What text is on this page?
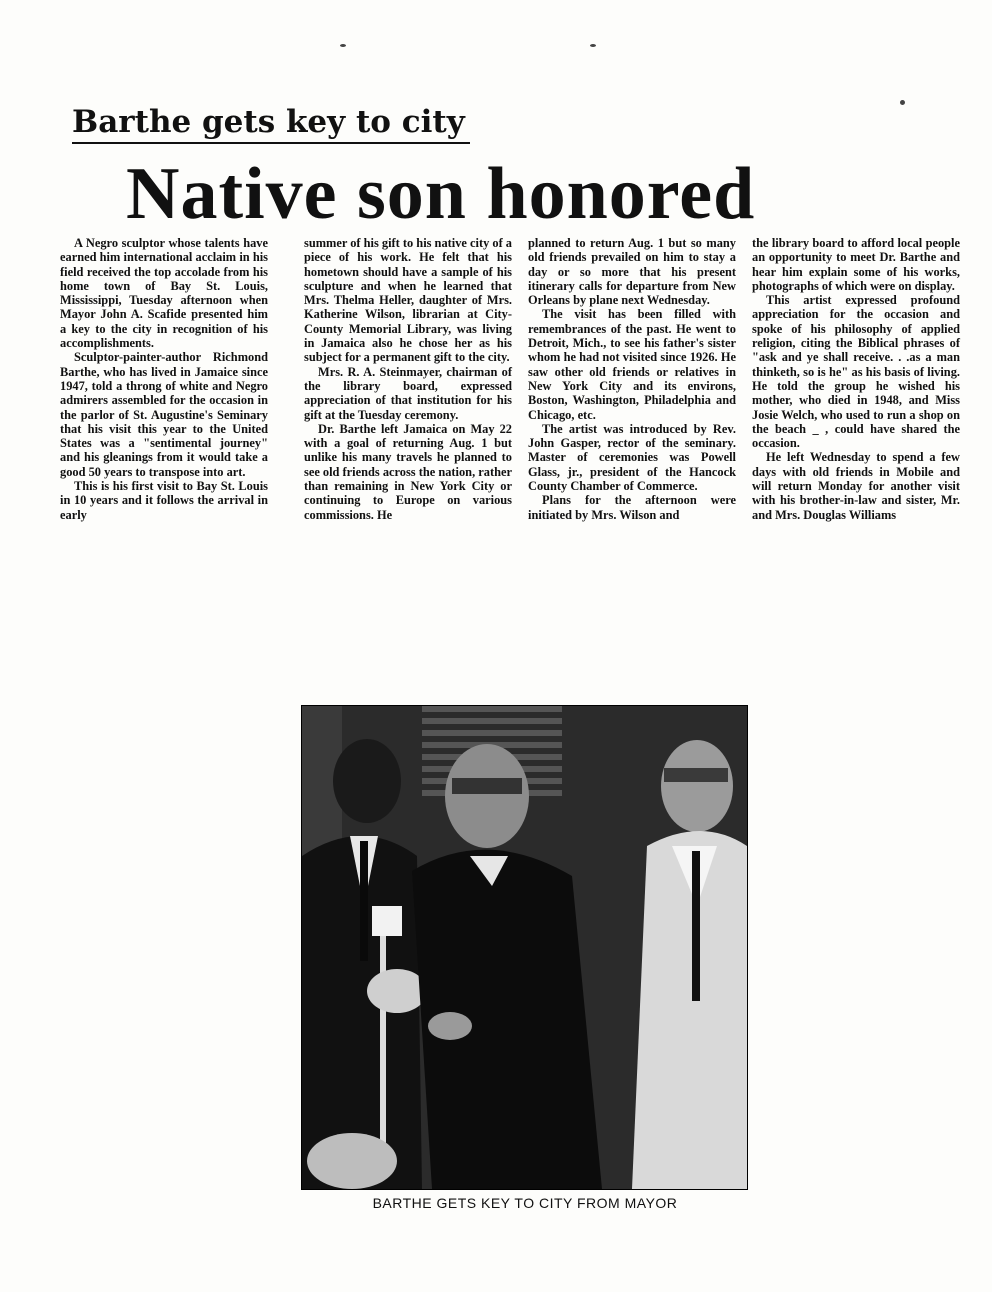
Barthe gets key to city
Native son honored

A Negro sculptor whose talents have earned him international acclaim in his field received the top accolade from his home town of Bay St. Louis, Mississippi, Tuesday afternoon when Mayor John A. Scafide presented him a key to the city in recognition of his accomplishments.

Sculptor-painter-author Richmond Barthe, who has lived in Jamaice since 1947, told a throng of white and Negro admirers assembled for the occasion in the parlor of St. Augustine's Seminary that his visit this year to the United States was a "sentimental journey" and his gleanings from it would take a good 50 years to transpose into art.

This is his first visit to Bay St. Louis in 10 years and it follows the arrival in early

summer of his gift to his native city of a piece of his work. He felt that his hometown should have a sample of his sculpture and when he learned that Mrs. Thelma Heller, daughter of Mrs. Katherine Wilson, librarian at City-County Memorial Library, was living in Jamaica also he chose her as his subject for a permanent gift to the city.

Mrs. R. A. Steinmayer, chairman of the library board, expressed appreciation of that institution for his gift at the Tuesday ceremony.

Dr. Barthe left Jamaica on May 22 with a goal of returning Aug. 1 but unlike his many travels he planned to see old friends across the nation, rather than remaining in New York City or continuing to Europe on various commissions. He

planned to return Aug. 1 but so many old friends prevailed on him to stay a day or so more that his present itinerary calls for departure from New Orleans by plane next Wednesday.

The visit has been filled with remembrances of the past. He went to Detroit, Mich., to see his father's sister whom he had not visited since 1926. He saw other old friends or relatives in New York City and its environs, Boston, Washington, Philadelphia and Chicago, etc.

The artist was introduced by Rev. John Gasper, rector of the seminary. Master of ceremonies was Powell Glass, jr., president of the Hancock County Chamber of Commerce.

Plans for the afternoon were initiated by Mrs. Wilson and

the library board to afford local people an opportunity to meet Dr. Barthe and hear him explain some of his works, photographs of which were on display.

This artist expressed profound appreciation for the occasion and spoke of his philosophy of applied religion, citing the Biblical phrases of "ask and ye shall receive. . .as a man thinketh, so is he" as his basis of living. He told the group he wished his mother, who died in 1948, and Miss Josie Welch, who used to run a shop on the beach _ , could have shared the occasion.

He left Wednesday to spend a few days with old friends in Mobile and will return Monday for another visit with his brother-in-law and sister, Mr. and Mrs. Douglas Williams

BARTHE GETS KEY TO CITY FROM MAYOR
